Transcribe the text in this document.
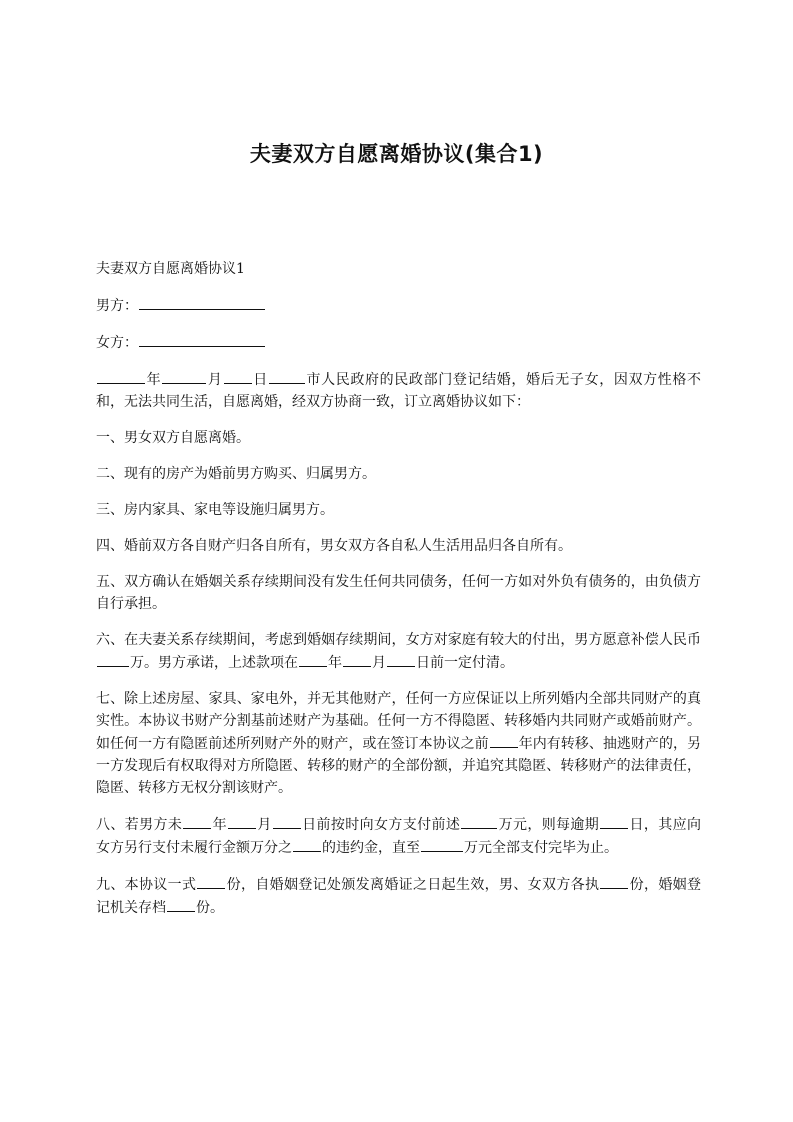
夫妻双方自愿离婚协议(集合1)

夫妻双方自愿离婚协议1

男方：

女方：

年	月 日	市人民政府的民政部门登记结婚，婚后无子女，因双方性格不和，无法共同生活，自愿离婚，经双方协商一致，订立离婚协议如下：

一、男女双方自愿离婚。

二、现有的房产为婚前男方购买、归属男方。

三、房内家具、家电等设施归属男方。

四、婚前双方各自财产归各自所有，男女双方各自私人生活用品归各自所有。

五、双方确认在婚姻关系存续期间没有发生任何共同债务，任何一方如对外负有债务的，由负债方自行承担。

六、在夫妻关系存续期间，考虑到婚姻存续期间，女方对家庭有较大的付出，男方愿意补偿人民币万。男方承诺，上述款项在 年 月 日前一定付清。

七、除上述房屋、家具、家电外，并无其他财产，任何一方应保证以上所列婚内全部共同财产的真实性。本协议书财产分割基前述财产为基础。任何一方不得隐匿、转移婚内共同财产或婚前财产。如任何一方有隐匿前述所列财产外的财产，或在签订本协议之前 年内有转移、抽逃财产的，另一方发现后有权取得对方所隐匿、转移的财产的全部份额，并追究其隐匿、转移财产的法律责任，隐匿、转移方无权分割该财产。

八、若男方未 年 月 日前按时向女方支付前述	万元，则每逾期 日，其应向女方另行支付未履行金额万分之 的违约金，直至	万元全部支付完毕为止。

九、本协议一式 份，自婚姻登记处颁发离婚证之日起生效，男、女双方各执 份，婚姻登记机关存档 份。
